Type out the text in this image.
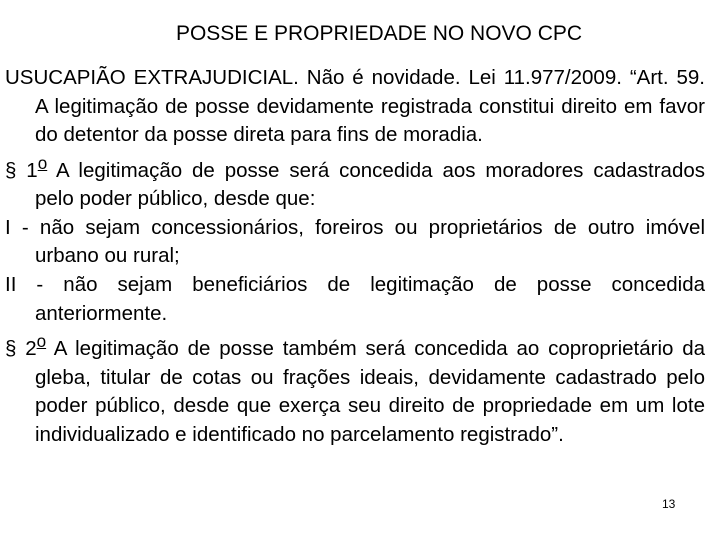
POSSE E PROPRIEDADE NO NOVO CPC

USUCAPIÃO EXTRAJUDICIAL. Não é novidade. Lei 11.977/2009. “Art. 59. A legitimação de posse devidamente registrada constitui direito em favor do detentor da posse direta para fins de moradia.

§ 1$^o$ A legitimação de posse será concedida aos moradores cadastrados pelo poder público, desde que:

I - não sejam concessionários, foreiros ou proprietários de outro imóvel urbano ou rural;

II - não sejam beneficiários de legitimação de posse concedida anteriormente.

§ 2$^o$ A legitimação de posse também será concedida ao coproprietário da gleba, titular de cotas ou frações ideais, devidamente cadastrado pelo poder público, desde que exerça seu direito de propriedade em um lote individualizado e identificado no parcelamento registrado”.

13
